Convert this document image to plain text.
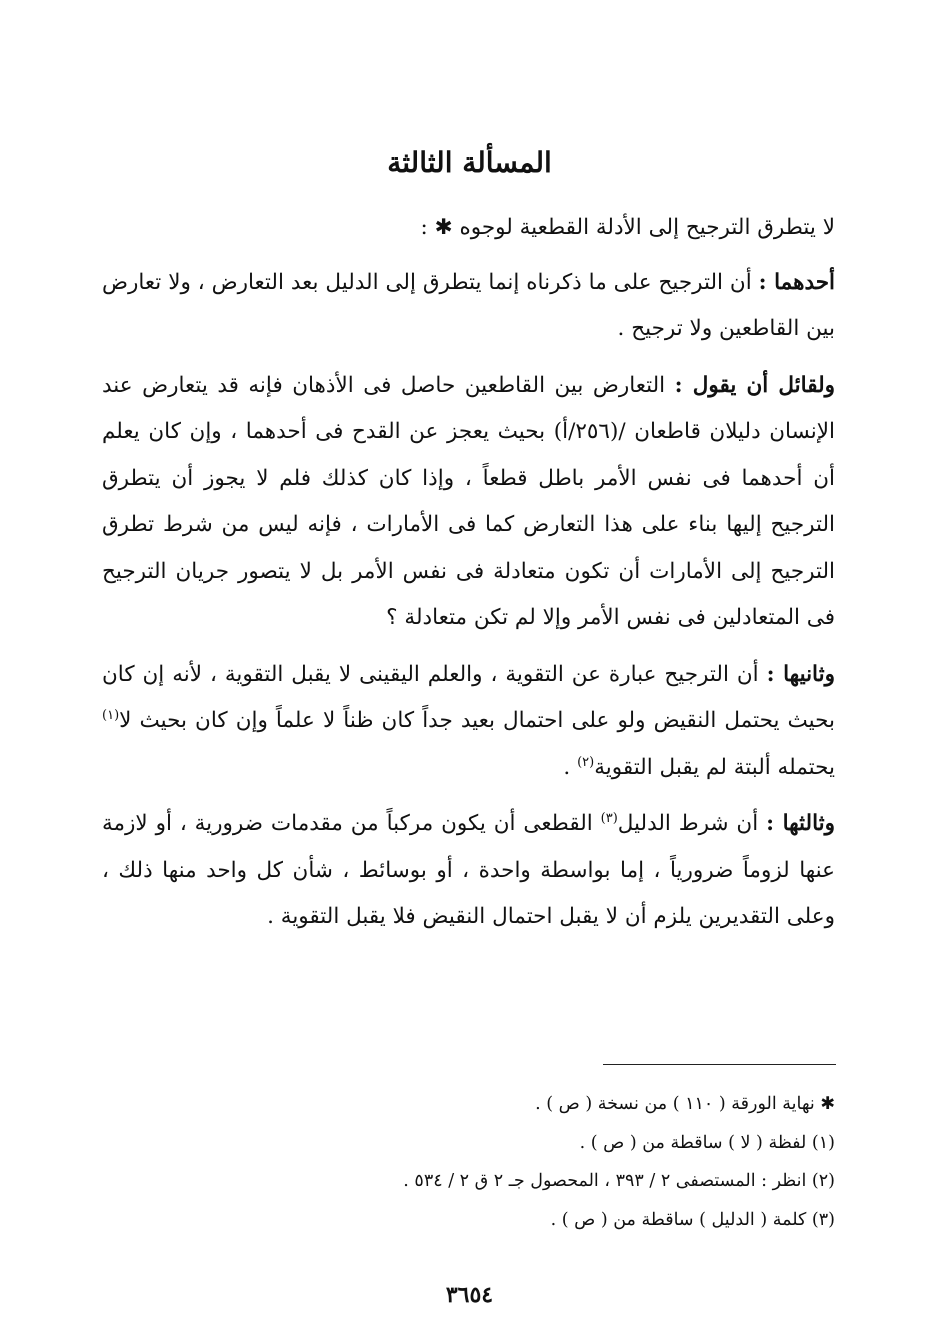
المسألة الثالثة

لا يتطرق الترجيح إلى الأدلة القطعية لوجوه ✱ :

أحدهما : أن الترجيح على ما ذكرناه إنما يتطرق إلى الدليل بعد التعارض ، ولا تعارض بين القاطعين ولا ترجيح .

ولقائل أن يقول : التعارض بين القاطعين حاصل فى الأذهان فإنه قد يتعارض عند الإنسان دليلان قاطعان /(٢٥٦/أ) بحيث يعجز عن القدح فى أحدهما ، وإن كان يعلم أن أحدهما فى نفس الأمر باطل قطعاً ، وإذا كان كذلك فلم لا يجوز أن يتطرق الترجيح إليها بناء على هذا التعارض كما فى الأمارات ، فإنه ليس من شرط تطرق الترجيح إلى الأمارات أن تكون متعادلة فى نفس الأمر بل لا يتصور جريان الترجيح فى المتعادلين فى نفس الأمر وإلا لم تكن متعادلة ؟

وثانيها : أن الترجيح عبارة عن التقوية ، والعلم اليقينى لا يقبل التقوية ، لأنه إن كان بحيث يحتمل النقيض ولو على احتمال بعيد جداً كان ظناً لا علماً وإن كان بحيث لا$^{(١)}$ يحتمله ألبتة لم يقبل التقوية$^{(٢)}$ .

وثالثها : أن شرط الدليل$^{(٣)}$ القطعى أن يكون مركباً من مقدمات ضرورية ، أو لازمة عنها لزوماً ضرورياً ، إما بواسطة واحدة ، أو بوسائط ، شأن كل واحد منها ذلك ، وعلى التقديرين يلزم أن لا يقبل احتمال النقيض فلا يقبل التقوية .

✱ نهاية الورقة ( ١١٠ ) من نسخة ( ص ) .
(١) لفظة ( لا ) ساقطة من ( ص ) .
(٢) انظر : المستصفى ٢ / ٣٩٣ ، المحصول جـ ٢ ق ٢ / ٥٣٤ .
(٣) كلمة ( الدليل ) ساقطة من ( ص ) .
٣٦٥٤
